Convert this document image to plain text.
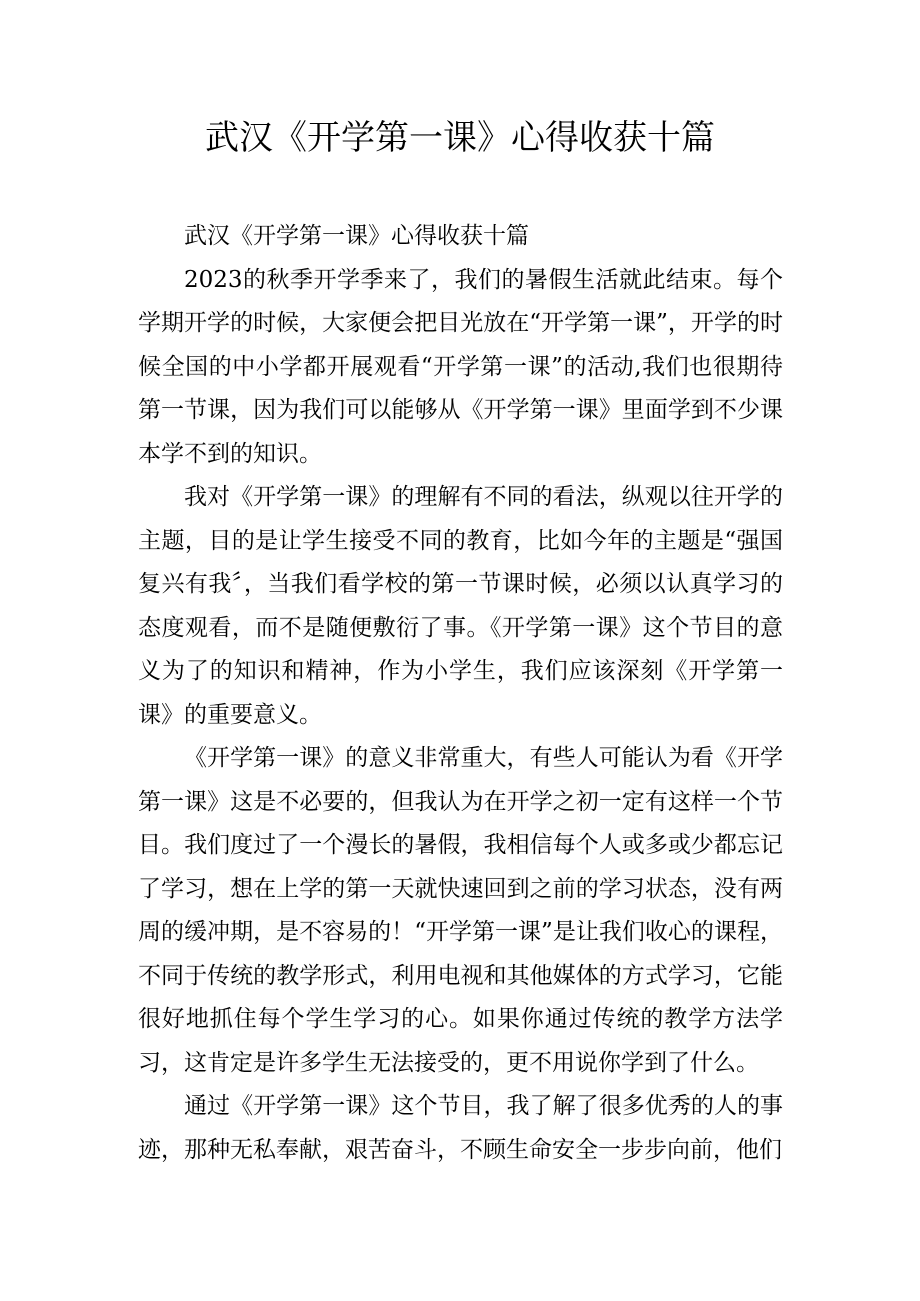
武汉《开学第一课》心得收获十篇

武汉《开学第一课》心得收获十篇

2023的秋季开学季来了，我们的暑假生活就此结束。每个学期开学的时候，大家便会把目光放在“开学第一课”，开学的时候全国的中小学都开展观看“开学第一课”的活动,我们也很期待第一节课，因为我们可以能够从《开学第一课》里面学到不少课本学不到的知识。

我对《开学第一课》的理解有不同的看法，纵观以往开学的主题，目的是让学生接受不同的教育，比如今年的主题是“强国复兴有我〞，当我们看学校的第一节课时候，必须以认真学习的态度观看，而不是随便敷衍了事。《开学第一课》这个节目的意义为了的知识和精神，作为小学生，我们应该深刻《开学第一课》的重要意义。

《开学第一课》的意义非常重大，有些人可能认为看《开学第一课》这是不必要的，但我认为在开学之初一定有这样一个节目。我们度过了一个漫长的暑假，我相信每个人或多或少都忘记了学习，想在上学的第一天就快速回到之前的学习状态，没有两周的缓冲期，是不容易的！“开学第一课”是让我们收心的课程，不同于传统的教学形式，利用电视和其他媒体的方式学习，它能很好地抓住每个学生学习的心。如果你通过传统的教学方法学习，这肯定是许多学生无法接受的，更不用说你学到了什么。

通过《开学第一课》这个节目，我了解了很多优秀的人的事迹，那种无私奉献，艰苦奋斗，不顾生命安全一步步向前，他们
